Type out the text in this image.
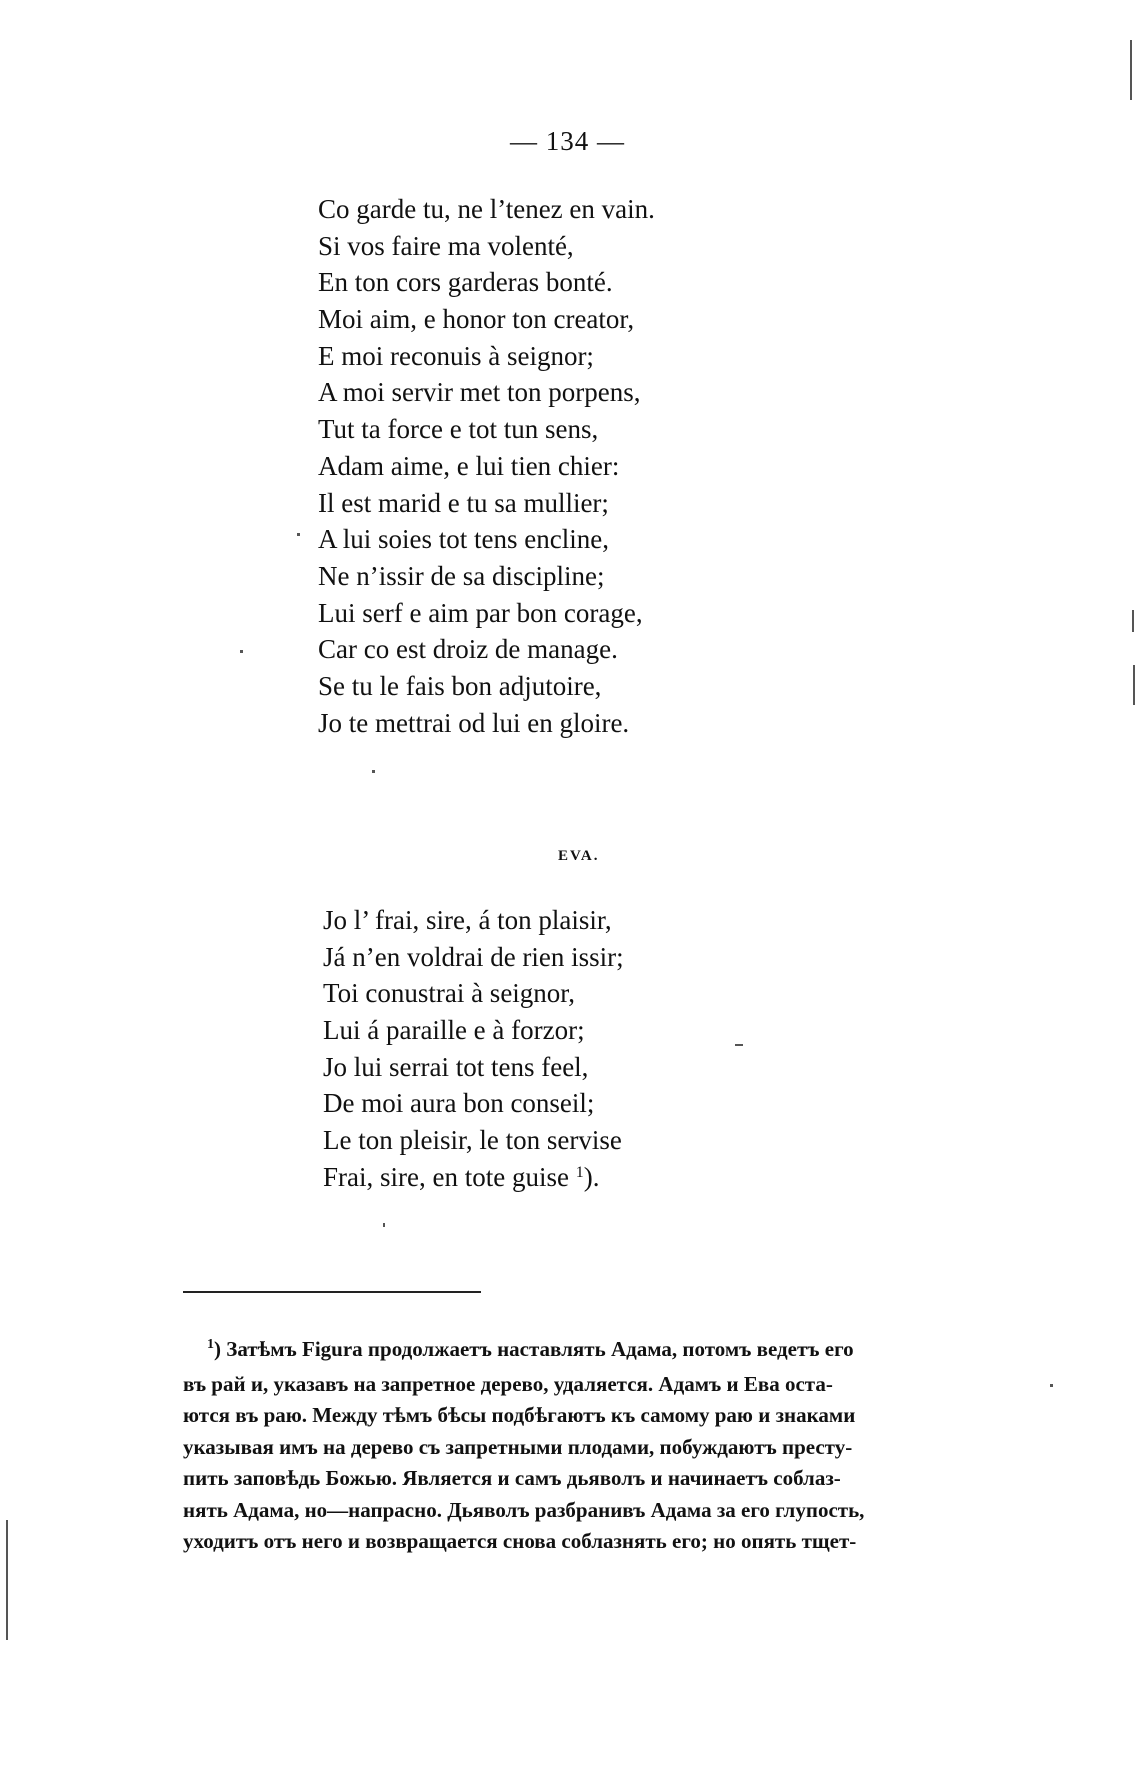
— 134 —
Co garde tu, ne l’tenez en vain.
Si vos faire ma volenté,
En ton cors garderas bonté.
Moi aim, e honor ton creator,
E moi reconuis à seignor;
A moi servir met ton porpens,
Tut ta force e tot tun sens,
Adam aime, e lui tien chier:
Il est marid e tu sa mullier;
A lui soies tot tens encline,
Ne n’issir de sa discipline;
Lui serf e aim par bon corage,
Car co est droiz de manage.
Se tu le fais bon adjutoire,
Jo te mettrai od lui en gloire.
EVA.
Jo l’ frai, sire, á ton plaisir,
Já n’en voldrai de rien issir;
Toi conustrai à seignor,
Lui á paraille e à forzor;
Jo lui serrai tot tens feel,
De moi aura bon conseil;
Le ton pleisir, le ton servise
Frai, sire, en tote guise $^1$).

$^1$) Затѣмъ Figura продолжаетъ наставлять Адама, потомъ ведетъ его

въ рай и, указавъ на запретное дерево, удаляется. Адамъ и Ева оста-

ются въ раю. Между тѣмъ бѣсы подбѣгаютъ къ самому раю и знаками

указывая имъ на дерево съ запретными плодами, побуждаютъ престу-

пить заповѣдь Божью. Является и самъ дьяволъ и начинаетъ соблаз-

нять Адама, но—напрасно. Дьяволъ разбранивъ Адама за его глупость,

уходитъ отъ него и возвращается снова соблазнять его; но опять тщет-
